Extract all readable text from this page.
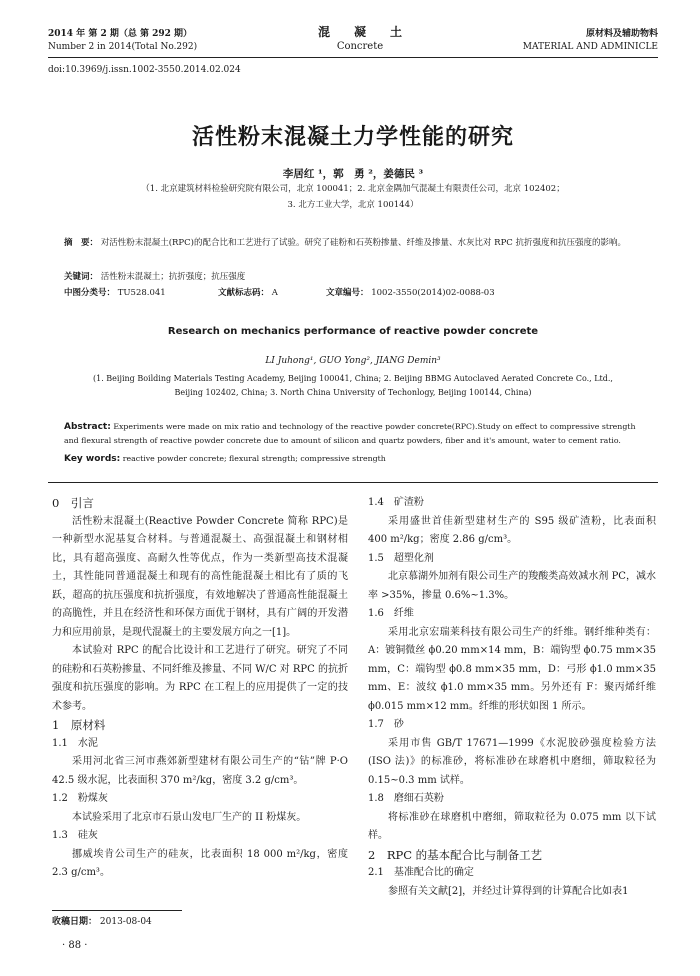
2014 年 第 2 期（总 第 292 期）
Number 2 in 2014(Total No.292)
混　　凝　　土
Concrete
原材料及辅助物料
MATERIAL AND ADMINICLE
doi:10.3969/j.issn.1002-3550.2014.02.024
活性粉末混凝土力学性能的研究
李居红 ¹，郭　勇 ²，姜德民 ³
（1. 北京建筑材料检验研究院有限公司，北京 100041；2. 北京金隅加气混凝土有限责任公司，北京 102402；
3. 北方工业大学，北京 100144）
摘　要： 对活性粉末混凝土(RPC)的配合比和工艺进行了试验。研究了硅粉和石英粉掺量、纤维及掺量、水灰比对 RPC 抗折强度和抗压强度的影响。
关键词： 活性粉末混凝土；抗折强度；抗压强度
中图分类号： TU528.041	文献标志码： A	文章编号： 1002-3550(2014)02-0088-03
Research on mechanics performance of reactive powder concrete
LI Juhong¹, GUO Yong², JIANG Demin³
(1. Beijing Boilding Materials Testing Academy, Beijing 100041, China; 2. Beijing BBMG Autoclaved Aerated Concrete Co., Ltd.,
Beijing 102402, China; 3. North China University of Techonlogy, Beijing 100144, China)
Abstract: Experiments were made on mix ratio and technology of the reactive powder concrete(RPC).Study on effect to compressive strength and flexural strength of reactive powder concrete due to amount of silicon and quartz powders, fiber and it's amount, water to cement ratio.
Key words: reactive powder concrete; flexural strength; compressive strength

0　引言

活性粉末混凝土(Reactive Powder Concrete 简称 RPC)是一种新型水泥基复合材料。与普通混凝土、高强混凝土和钢材相比，具有超高强度、高耐久性等优点，作为一类新型高技术混凝土，其性能同普通混凝土和现有的高性能混凝土相比有了质的飞跃，超高的抗压强度和抗折强度，有效地解决了普通高性能混凝土的高脆性，并且在经济性和环保方面优于钢材，具有广阔的开发潜力和应用前景，是现代混凝土的主要发展方向之一[1]。

本试验对 RPC 的配合比设计和工艺进行了研究。研究了不同的硅粉和石英粉掺量、不同纤维及掺量、不同 W/C 对 RPC 的抗折强度和抗压强度的影响。为 RPC 在工程上的应用提供了一定的技术参考。

1　原材料

1.1　水泥

采用河北省三河市燕郊新型建材有限公司生产的“钻”牌 P·O 42.5 级水泥，比表面积 370 m²/kg，密度 3.2 g/cm³。

1.2　粉煤灰

本试验采用了北京市石景山发电厂生产的 II 粉煤灰。

1.3　硅灰

挪威埃肯公司生产的硅灰，比表面积 18 000 m²/kg，密度 2.3 g/cm³。

收稿日期： 2013-08-04
· 88 ·

1.4　矿渣粉

采用盛世首佳新型建材生产的 S95 级矿渣粉，比表面积 400 m²/kg；密度 2.86 g/cm³。

1.5　超塑化剂

北京慕湖外加剂有限公司生产的羧酸类高效减水剂 PC，减水率 >35%，掺量 0.6%~1.3%。

1.6　纤维

采用北京宏瑞莱科技有限公司生产的纤维。钢纤维种类有：A：镀铜微丝 ϕ0.20 mm×14 mm，B：端钩型 ϕ0.75 mm×35 mm，C：端钩型 ϕ0.8 mm×35 mm，D：弓形 ϕ1.0 mm×35 mm、E：波纹 ϕ1.0 mm×35 mm。另外还有 F：聚丙烯纤维 ϕ0.015 mm×12 mm。纤维的形状如图 1 所示。

1.7　砂

采用市售 GB/T 17671—1999《水泥胶砂强度检验方法(ISO 法)》的标准砂，将标准砂在球磨机中磨细，筛取粒径为 0.15~0.3 mm 试样。

1.8　磨细石英粉

将标准砂在球磨机中磨细，筛取粒径为 0.075 mm 以下试样。

2　RPC 的基本配合比与制备工艺

2.1　基准配合比的确定

参照有关文献[2]，并经过计算得到的计算配合比如表1
